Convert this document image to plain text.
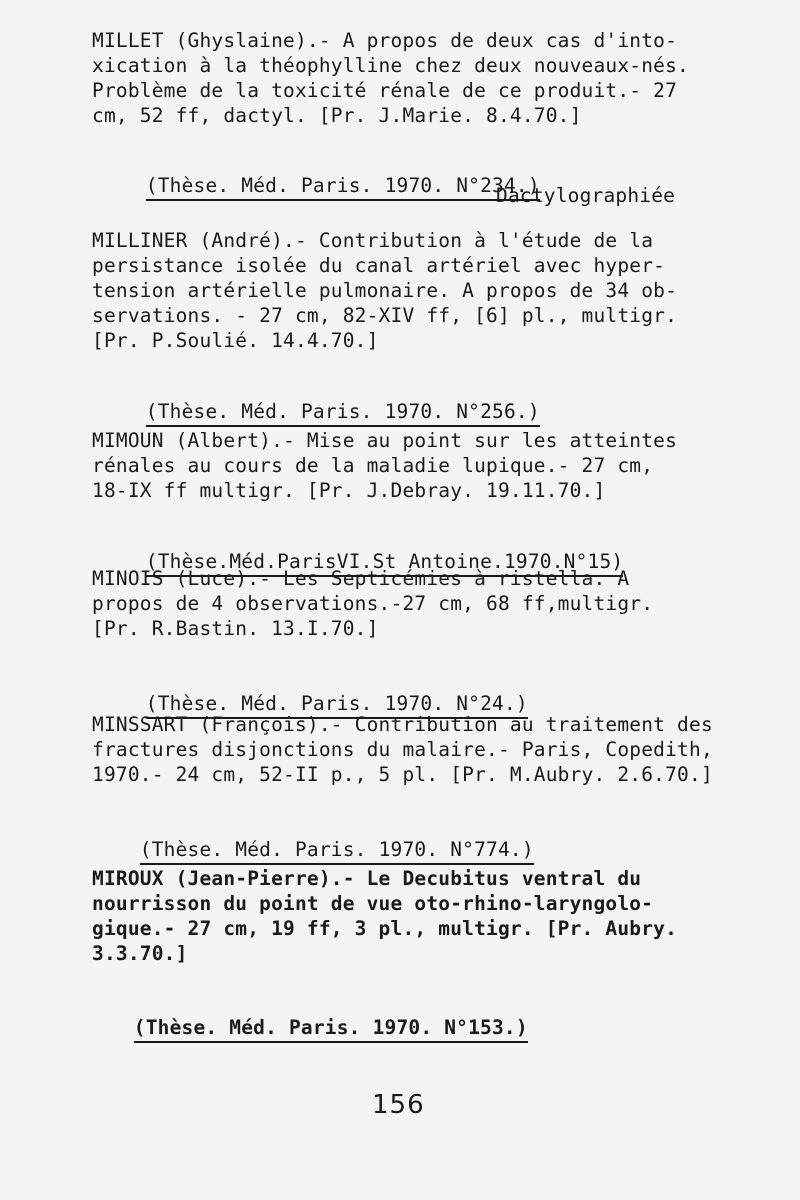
MILLET (Ghyslaine).- A propos de deux cas d'into-
xication à la théophylline chez deux nouveaux-nés.
Problème de la toxicité rénale de ce produit.- 27
cm, 52 ff, dactyl. [Pr. J.Marie. 8.4.70.]

(Thèse. Méd. Paris. 1970. N°234.)

Dactylographiée
MILLINER (André).- Contribution à l'étude de la
persistance isolée du canal artériel avec hyper-
tension artérielle pulmonaire. A propos de 34 ob-
servations. - 27 cm, 82-XIV ff, [6] pl., multigr.
[Pr. P.Soulié. 14.4.70.]

(Thèse. Méd. Paris. 1970. N°256.)

MIMOUN (Albert).- Mise au point sur les atteintes
rénales au cours de la maladie lupique.- 27 cm,
18-IX ff multigr. [Pr. J.Debray. 19.11.70.]

(Thèse.Méd.ParisVI.St Antoine.1970.N°15)

MINOIS (Luce).- Les Septicémies à ristella. A
propos de 4 observations.-27 cm, 68 ff,multigr.
[Pr. R.Bastin. 13.I.70.]

(Thèse. Méd. Paris. 1970. N°24.)

MINSSART (François).- Contribution au traitement des
fractures disjonctions du malaire.- Paris, Copedith,
1970.- 24 cm, 52-II p., 5 pl. [Pr. M.Aubry. 2.6.70.]

(Thèse. Méd. Paris. 1970. N°774.)

MIROUX (Jean-Pierre).- Le Decubitus ventral du
nourrisson du point de vue oto-rhino-laryngolo-
gique.- 27 cm, 19 ff, 3 pl., multigr. [Pr. Aubry.
3.3.70.]

(Thèse. Méd. Paris. 1970. N°153.)

156
